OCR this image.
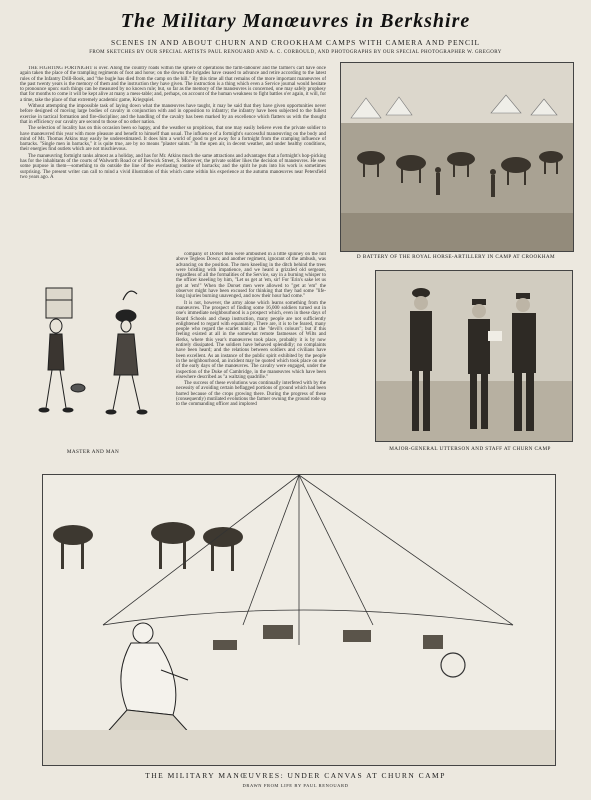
The Military Manœuvres in Berkshire
SCENES IN AND ABOUT CHURN AND CROOKHAM CAMPS WITH CAMERA AND PENCIL
FROM SKETCHES BY OUR SPECIAL ARTISTS PAUL RENOUARD AND A. C. CORBOULD, AND PHOTOGRAPHS BY OUR SPECIAL PHOTOGRAPHER W. GREGORY

THE FIGHTING FORTNIGHT is over. Along the country roads within the sphere of operations the farm-labourer and the farmer's cart have once again taken the place of the trampling regiments of foot and horse; on the downs the brigades have ceased to advance and retire according to the latest rules of the Infantry Drill-Book, and "the bugle has died from the camp on the hill." By this time all that remains of the more important manœuvres of the past twenty years is the memory of them and the instruction they have given. The instruction is a thing which even a Service journal would hesitate to pronounce upon: such things can be measured by no known rule; but, so far as the memory of the manœuvres is concerned, one may safely prophesy that for months to come it will be kept alive at many a mess-table; and, perhaps, on account of the human weakness to fight battles o'er again, it will, for a time, take the place of that extremely academic game, Kriegspiel.

Without attempting the impossible task of laying down what the manœuvres have taught, it may be said that they have given opportunities never before designed of moving large bodies of cavalry in conjunction with and in opposition to infantry; the infantry have been subjected to the fullest exercise in tactical formation and fire-discipline; and the handling of the cavalry has been marked by an excellence which flatters us with the thought that in efficiency our cavalry are second to those of no other nation.

The selection of locality has on this occasion been so happy, and the weather so propitious, that one may easily believe even the private soldier to have manœuvred this year with more pleasure and benefit to himself than usual. The influence of a fortnight's successful manœuvring on the body and mind of Mr. Thomas Atkins may easily be underestimated. It does him a world of good to get away for a fortnight from the cramping influence of barracks. "Single men in barracks," it is quite true, are by no means "plaster saints." In the open air, in decent weather, and under healthy conditions, their energies find outlets which are not mischievous.

The manœuvring fortnight ranks almost as a holiday, and has for Mr. Atkins much the same attractions and advantages that a fortnight's hop-picking has for the inhabitants of the courts of Walworth Road or of Berwick Street, S. Moreover, the private soldier likes the decision of manœuvres. He sees some purpose in them—something to do outside the line of the everlasting routine of barracks; and the spirit he puts into his work is sometimes surprising. The present writer can call to mind a vivid illustration of this which came within his experience at the autumn manœuvres near Petersfield two years ago. A

company of Dorset men were ambushed in a little spinney on the hill above Tegleos Down; and another regiment, ignorant of the ambush, was advancing on the position. The men kneeling in the ditch behind the trees were bristling with impatience, and we heard a grizzled old sergeant, regardless of all the formalities of the Service, say in a burning whisper to the officer kneeling by him, "Let us get at 'em, sir! For 'Erin's sake let us get at 'em!" When the Dorset men were allowed to "get at 'em" the observer might have been excused for thinking that they had some "life-long injuries burning unavenged, and now their hour had come."

It is not, however, the army alone which learns something from the manœuvres. The prospect of finding some 16,000 soldiers turned out in one's immediate neighbourhood is a prospect which, even in these days of Board Schools and cheap instruction, many people are not sufficiently enlightened to regard with equanimity. There are, it is to be feared, many people who regard the scarlet tunic as the "devil's colours"; but if this feeling existed at all in the somewhat remote fastnesses of Wilts and Berks, where this year's manœuvres took place, probably it is by now entirely dissipated. The soldiers have behaved splendidly; no complaints have been heard; and the relations between soldiers and civilians have been excellent. As an instance of the public spirit exhibited by the people in the neighbourhood, an incident may be quoted which took place on one of the early days of the manœuvres. The cavalry were engaged, under the inspection of the Duke of Cambridge, in the manœuvres which have been elsewhere described as "a waltzing quadrille."

The success of these evolutions was continually interfered with by the necessity of avoiding certain beflagged portions of ground which had been barred because of the crops growing there. During the progress of these (consequently) mutilated evolutions the farmer owning the ground rode up to the commanding officer and implored

D BATTERY OF THE ROYAL HORSE-ARTILLERY IN CAMP AT CROOKHAM
MASTER AND MAN	MAJOR-GENERAL UTTERSON AND STAFF AT CHURN CAMP
THE MILITARY MANŒUVRES: UNDER CANVAS AT CHURN CAMP
DRAWN FROM LIFE BY PAUL RENOUARD
